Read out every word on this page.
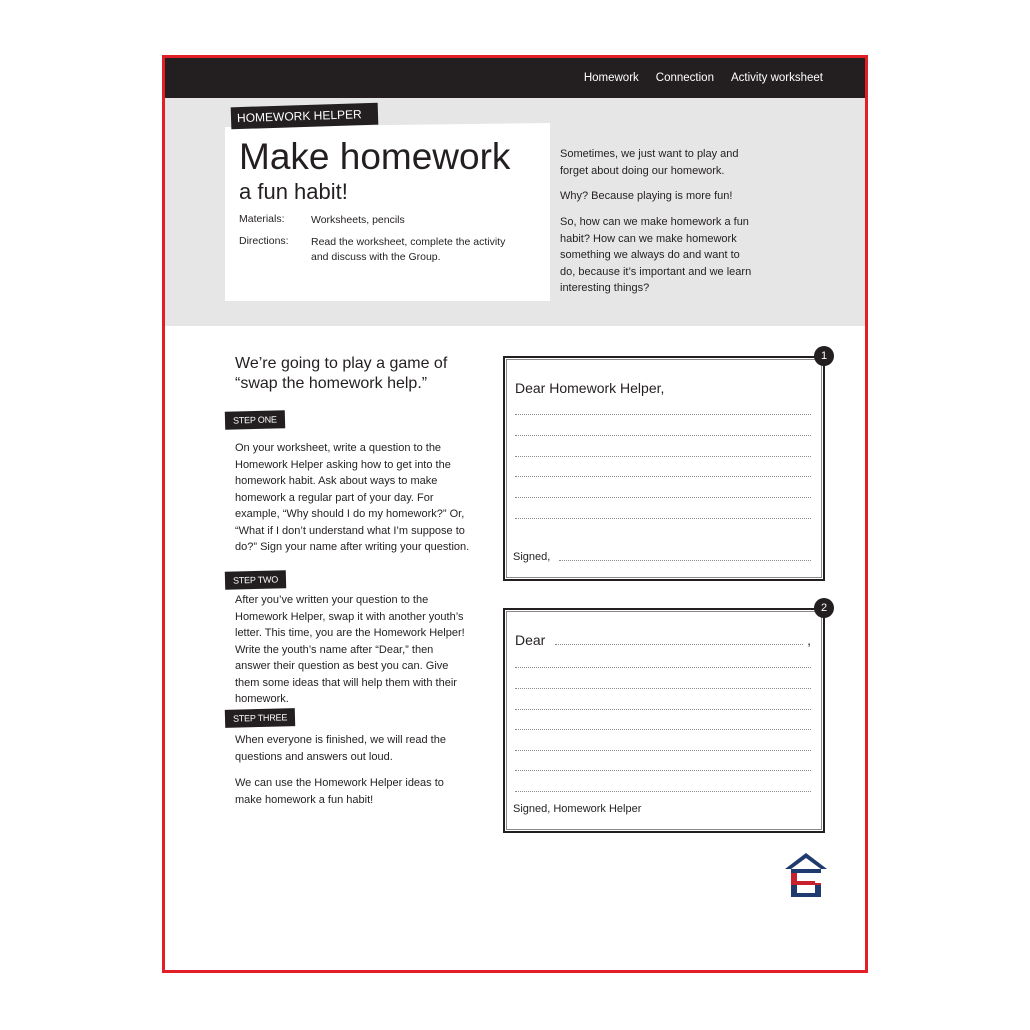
Homework Connection Activity worksheet
HOMEWORK HELPER
Make homework
a fun habit!
Materials:	Worksheets, pencils
Directions: Read the worksheet, complete the activity and discuss with the Group.
Sometimes, we just want to play and forget about doing our homework.
Why? Because playing is more fun!
So, how can we make homework a fun habit? How can we make homework something we always do and want to do, because it’s important and we learn interesting things?
We’re going to play a game of “swap the homework help.”
STEP ONE
On your worksheet, write a question to the Homework Helper asking how to get into the homework habit. Ask about ways to make homework a regular part of your day. For example, “Why should I do my homework?” Or, “What if I don’t understand what I’m suppose to do?” Sign your name after writing your question.
STEP TWO
After you’ve written your question to the Homework Helper, swap it with another youth’s letter. This time, you are the Homework Helper! Write the youth’s name after “Dear,” then answer their question as best you can. Give them some ideas that will help them with their homework.
STEP THREE
When everyone is finished, we will read the questions and answers out loud.
We can use the Homework Helper ideas to make homework a fun habit!
1
Dear Homework Helper,
Signed,
2
Dear	,
Signed, Homework Helper
